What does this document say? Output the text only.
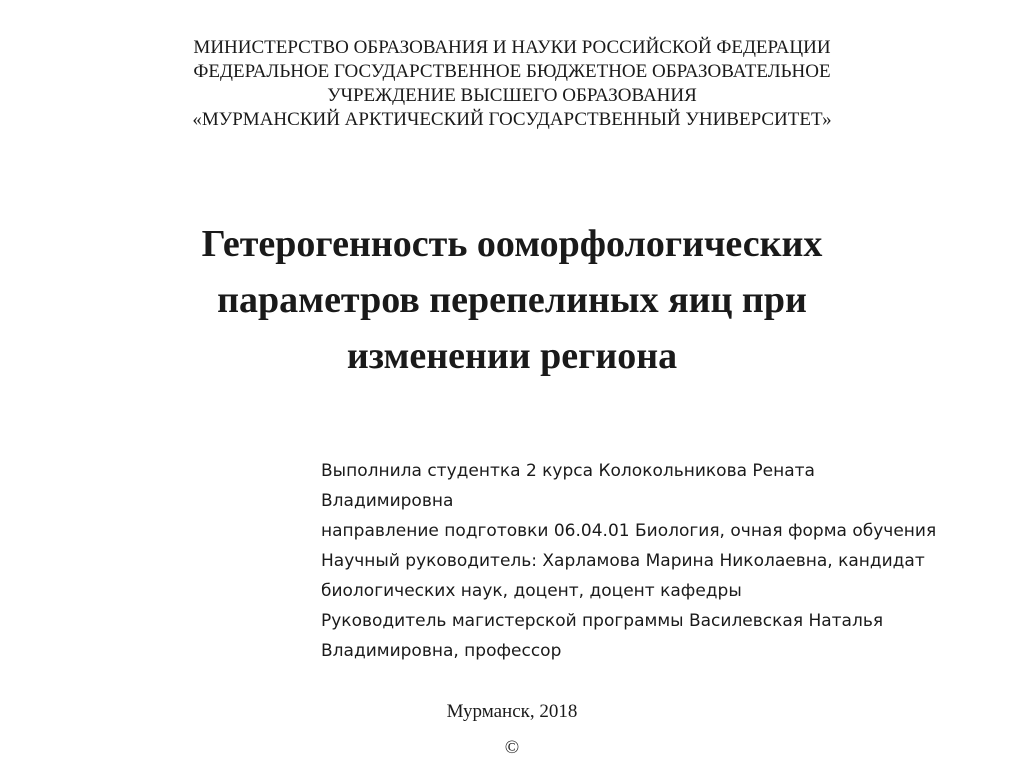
МИНИСТЕРСТВО ОБРАЗОВАНИЯ И НАУКИ РОССИЙСКОЙ ФЕДЕРАЦИИ
ФЕДЕРАЛЬНОЕ ГОСУДАРСТВЕННОЕ БЮДЖЕТНОЕ ОБРАЗОВАТЕЛЬНОЕ
УЧРЕЖДЕНИЕ ВЫСШЕГО ОБРАЗОВАНИЯ
«МУРМАНСКИЙ АРКТИЧЕСКИЙ ГОСУДАРСТВЕННЫЙ УНИВЕРСИТЕТ»
Гетерогенность ооморфологических
параметров перепелиных яиц при
изменении региона
Выполнила студентка 2 курса Колокольникова Рената
Владимировна
направление подготовки 06.04.01 Биология, очная форма обучения
Научный руководитель: Харламова Марина Николаевна, кандидат
биологических наук, доцент, доцент кафедры
Руководитель магистерской программы Василевская Наталья
Владимировна, профессор
Мурманск, 2018
©
